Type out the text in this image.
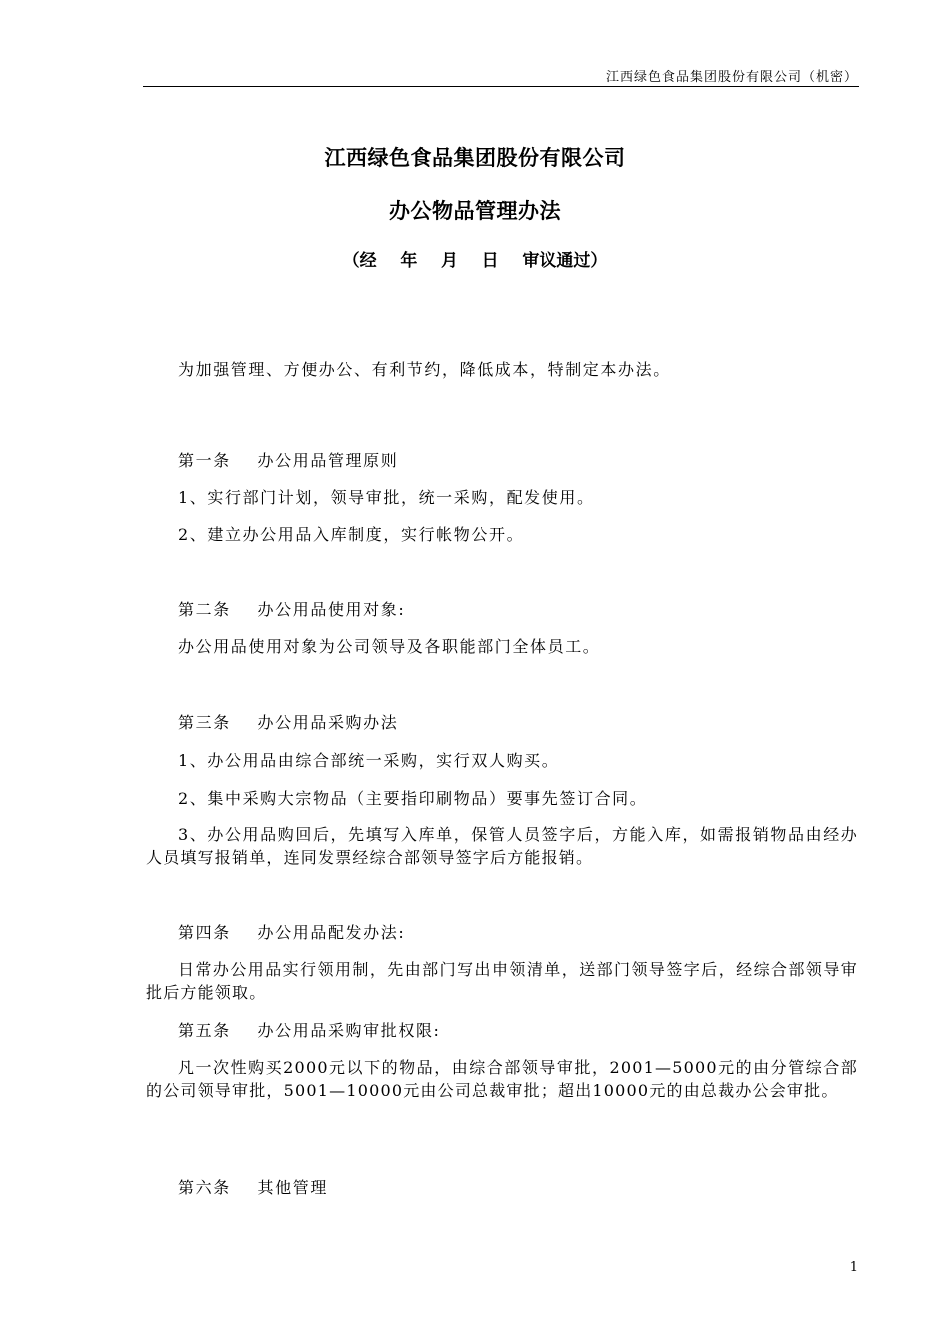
江西绿色食品集团股份有限公司（机密）
江西绿色食品集团股份有限公司
办公物品管理办法
（经    年    月    日    审议通过）
为加强管理、方便办公、有利节约，降低成本，特制定本办法。
第一条    办公用品管理原则
1、实行部门计划，领导审批，统一采购，配发使用。
2、建立办公用品入库制度，实行帐物公开。
第二条    办公用品使用对象:
办公用品使用对象为公司领导及各职能部门全体员工。
第三条    办公用品采购办法
1、办公用品由综合部统一采购，实行双人购买。
2、集中采购大宗物品（主要指印刷物品）要事先签订合同。
3、办公用品购回后，先填写入库单，保管人员签字后，方能入库，如需报销物品由经办人员填写报销单，连同发票经综合部领导签字后方能报销。
第四条    办公用品配发办法:
日常办公用品实行领用制，先由部门写出申领清单，送部门领导签字后，经综合部领导审批后方能领取。
第五条    办公用品采购审批权限:
凡一次性购买2000元以下的物品，由综合部领导审批，2001—5000元的由分管综合部的公司领导审批，5001—10000元由公司总裁审批；超出10000元的由总裁办公会审批。
第六条    其他管理
1
